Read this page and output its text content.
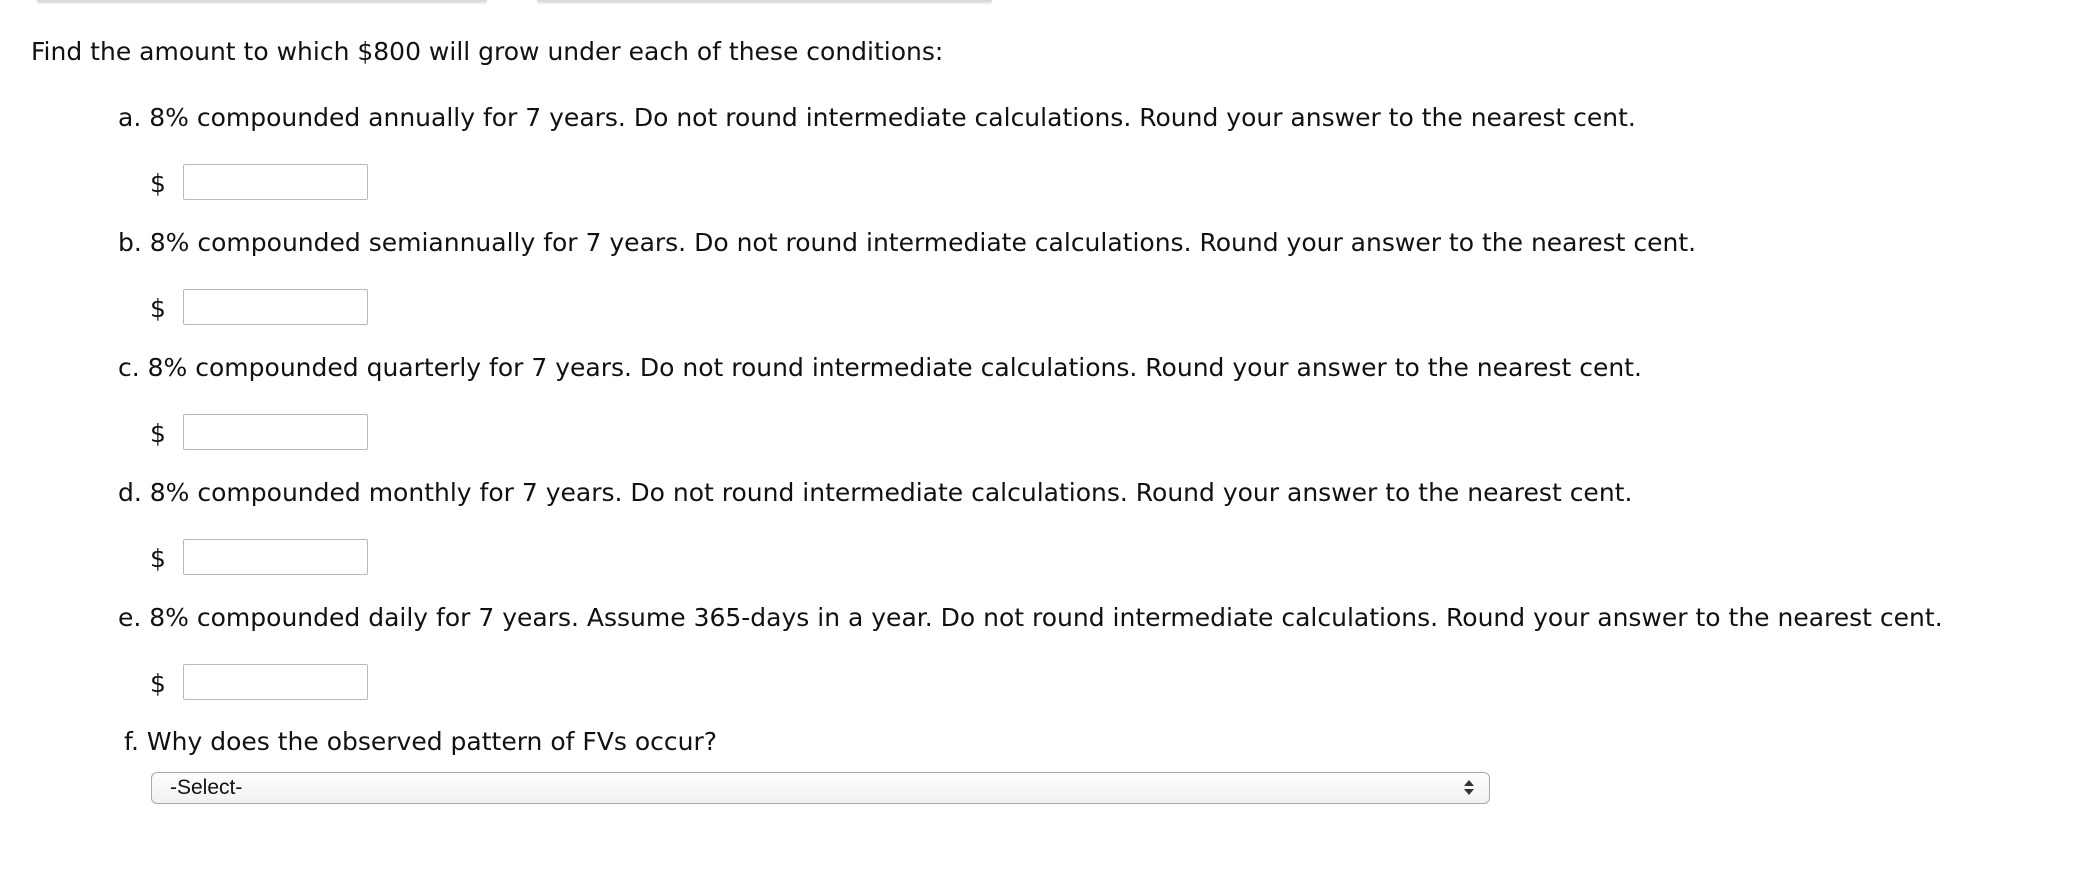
Find the amount to which $800 will grow under each of these conditions:
a. 8% compounded annually for 7 years. Do not round intermediate calculations. Round your answer to the nearest cent.
$
b. 8% compounded semiannually for 7 years. Do not round intermediate calculations. Round your answer to the nearest cent.
$
c. 8% compounded quarterly for 7 years. Do not round intermediate calculations. Round your answer to the nearest cent.
$
d. 8% compounded monthly for 7 years. Do not round intermediate calculations. Round your answer to the nearest cent.
$
e. 8% compounded daily for 7 years. Assume 365-days in a year. Do not round intermediate calculations. Round your answer to the nearest cent.
$
f. Why does the observed pattern of FVs occur?
-Select-
